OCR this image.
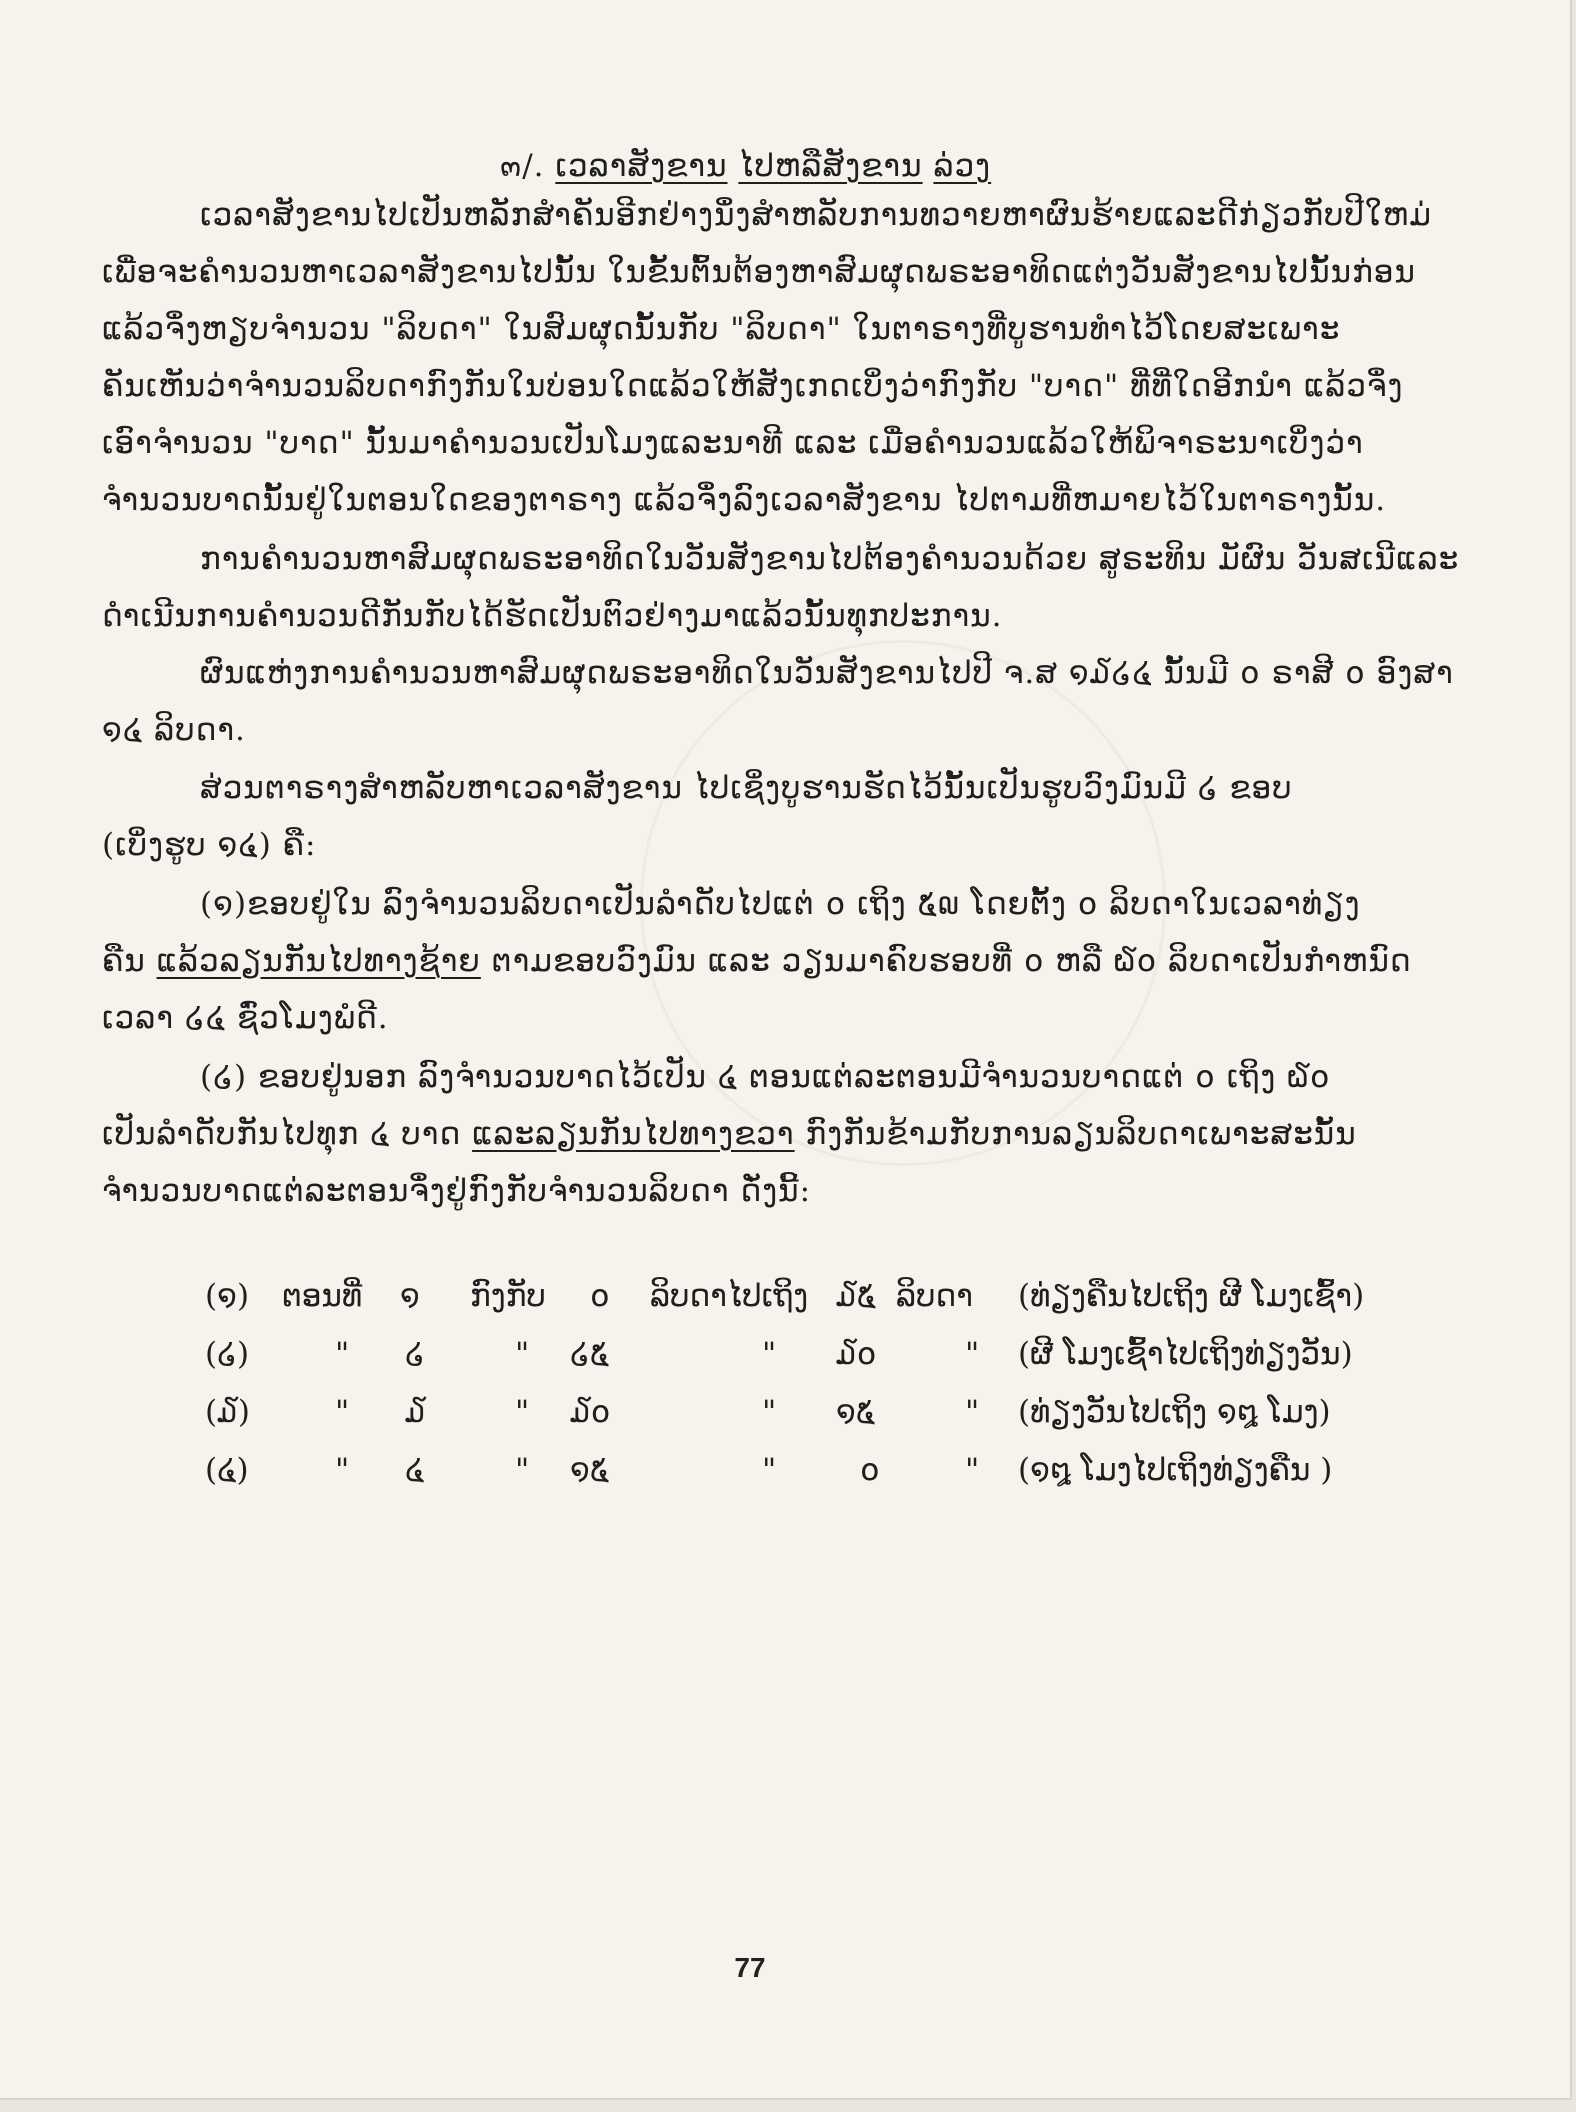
๓/. ເວລາສັງຂານ ໄປຫລືສັງຂານ ລ່ວງ
ເວລາສັງຂານໄປເປັນຫລັກສຳຄັນອີກຢ່າງນຶ່ງສຳຫລັບການທວາຍຫາຜົນຮ້າຍແລະດີກ່ຽວກັບປີໃຫມ່
ເພື່ອຈະຄຳນວນຫາເວລາສັງຂານໄປນັ້ນ ໃນຂັ້ນຕົ້ນຕ້ອງຫາສົມຜຸດພຣະອາທິດແຕ່ງວັນສັງຂານໄປນັ້ນກ່ອນ
ແລ້ວຈຶ່ງຫຽບຈຳນວນ "ລິບດາ" ໃນສົມຜຸດນັ້ນກັບ "ລິບດາ" ໃນຕາຣາງທີ່ບູຮານທຳໄວ້ໂດຍສະເພາະ
ຄັນເຫັນວ່າຈຳນວນລິບດາກົງກັນໃນບ່ອນໃດແລ້ວໃຫ້ສັງເກດເບິ່ງວ່າກົງກັບ "ບາດ" ທີ່ທີ່ໃດອີກນຳ ແລ້ວຈຶ່ງ
ເອົາຈຳນວນ "ບາດ" ນັ້ນມາຄຳນວນເປັນໂມງແລະນາທີ ແລະ ເມື່ອຄຳນວນແລ້ວໃຫ້ພິຈາຣະນາເບິ່ງວ່າ
ຈຳນວນບາດນັ້ນຢູ່ໃນຕອນໃດຂອງຕາຣາງ ແລ້ວຈຶ່ງລົງເວລາສັງຂານ ໄປຕາມທີ່ຫມາຍໄວ້ໃນຕາຣາງນັ້ນ.
ການຄຳນວນຫາສົມຜຸດພຣະອາທິດໃນວັນສັງຂານໄປຕ້ອງຄຳນວນດ້ວຍ ສູຣະທິນ ມັຜົນ ວັນສເນີແລະ
ດຳເນີນການຄຳນວນດີກັນກັບໄດ້ຮັດເປັນຕົວຢ່າງມາແລ້ວນັ້ນທຸກປະການ.
ຜົນແຫ່ງການຄຳນວນຫາສົມຜຸດພຣະອາທິດໃນວັນສັງຂານໄປປີ ຈ.ສ ໑໓໒໔ ນັ້ນມີ ໐ ຣາສີ ໐ ອົງສາ
໑໔ ລິບດາ.
ສ່ວນຕາຣາງສຳຫລັບຫາເວລາສັງຂານ ໄປເຊິ່ງບູຮານຮັດໄວ້ນັ້ນເປັນຮູບວົງມົນມີ ໒ ຂອບ
(ເບິ່ງຮູບ ໑໔) ຄື:
(໑)ຂອບຢູ່ໃນ ລົງຈຳນວນລິບດາເປັນລຳດັບໄປແຕ່ ໐ ເຖິງ ໕໙ ໂດຍຕັ້ງ ໐ ລິບດາໃນເວລາທ່ຽງ
ຄືນ ແລ້ວລຽນກັນໄປທາງຊ້າຍ ຕາມຂອບວົງມົນ ແລະ ວຽນມາຄົບຮອບທີ່ ໐ ຫລື ໖໐ ລິບດາເປັນກຳຫນົດ
ເວລາ ໒໔ ຊົ່ວໂມງພໍດີ.
(໒) ຂອບຢູ່ນອກ ລົງຈຳນວນບາດໄວ້ເປັນ ໔ ຕອນແຕ່ລະຕອນມີຈຳນວນບາດແຕ່ ໐ ເຖິງ ໖໐
ເປັນລຳດັບກັນໄປທຸກ ໔ ບາດ ແລະລຽນກັນໄປທາງຂວາ ກົງກັນຂ້າມກັບການລຽນລິບດາເພາະສະນັ້ນ
ຈຳນວນບາດແຕ່ລະຕອນຈຶ່ງຢູ່ກົງກັບຈຳນວນລິບດາ ດັ່ງນີ້:
(໑) ຕອນທີ່ ໑ ກົງກັບ ໐ ລິບດາໄປເຖິງ ໓໕ ລິບດາ (ທ່ຽງຄືນໄປເຖິງ ຜີ ໂມງເຊົ້າ)
(໒)	" ໒	" ໒໕	" ໓໐	" (ຜີ ໂມງເຊົ້າໄປເຖິງທ່ຽງວັນ)
(໓)	" ໓	" ໓໐	" ໑໕	" (ທ່ຽງວັນໄປເຖິງ ໑໘ ໂມງ)
(໔)	" ໔	" ໑໕	"	໐	" (໑໘ ໂມງໄປເຖິງທ່ຽງຄືນ )
77
